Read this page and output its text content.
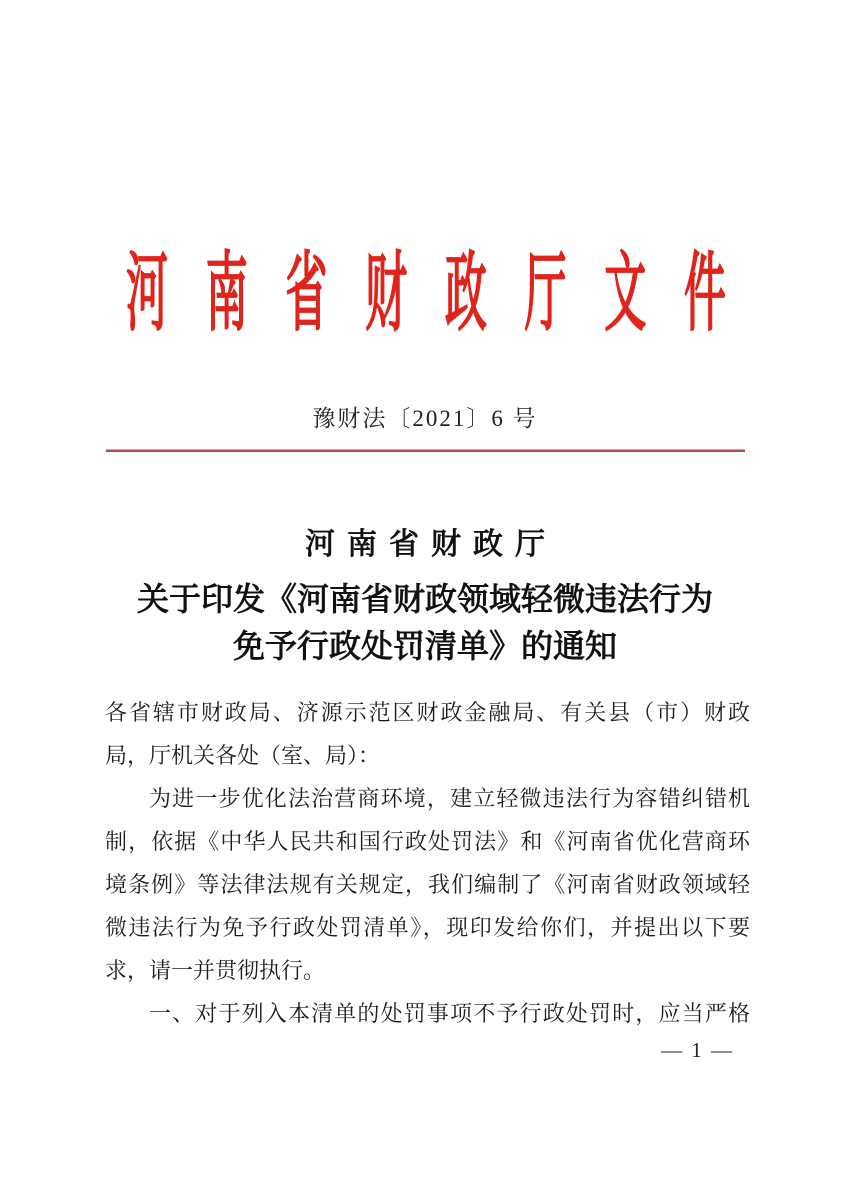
河 南 省 财 政 厅 文 件
豫财法〔2021〕6 号
河南省财政厅
关于印发《河南省财政领域轻微违法行为
免予行政处罚清单》的通知
各省辖市财政局、济源示范区财政金融局、有关县（市）财政
局，厅机关各处（室、局）：
为进一步优化法治营商环境，建立轻微违法行为容错纠错机
制，依据《中华人民共和国行政处罚法》和《河南省优化营商环
境条例》等法律法规有关规定，我们编制了《河南省财政领域轻
微违法行为免予行政处罚清单》，现印发给你们，并提出以下要
求，请一并贯彻执行。
一、对于列入本清单的处罚事项不予行政处罚时，应当严格
— 1 —
